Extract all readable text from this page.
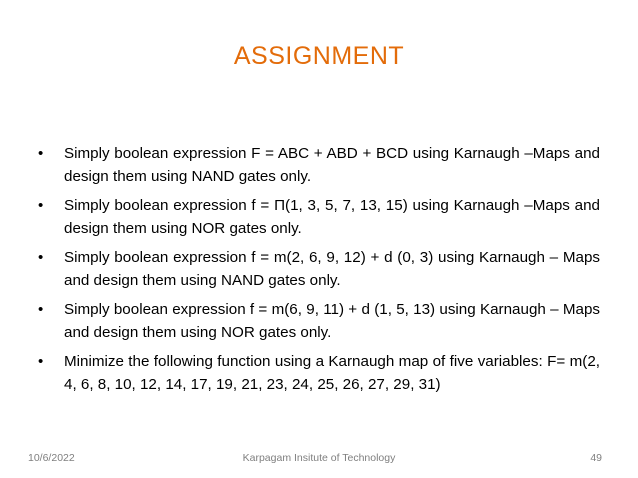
ASSIGNMENT
• Simply boolean expression F = ABC + ABD + BCD using Karnaugh –Maps and design them using NAND gates only.
• Simply boolean expression f = Π(1, 3, 5, 7, 13, 15) using Karnaugh –Maps and design them using NOR gates only.
• Simply boolean expression f = m(2, 6, 9, 12) + d (0, 3) using Karnaugh – Maps and design them using NAND gates only.
• Simply boolean expression f = m(6, 9, 11) + d (1, 5, 13) using Karnaugh – Maps and design them using NOR gates only.
• Minimize the following function using a Karnaugh map of five variables: F= m(2, 4, 6, 8, 10, 12, 14, 17, 19, 21, 23, 24, 25, 26, 27, 29, 31)
10/6/2022	Karpagam Insitute of Technology	49
